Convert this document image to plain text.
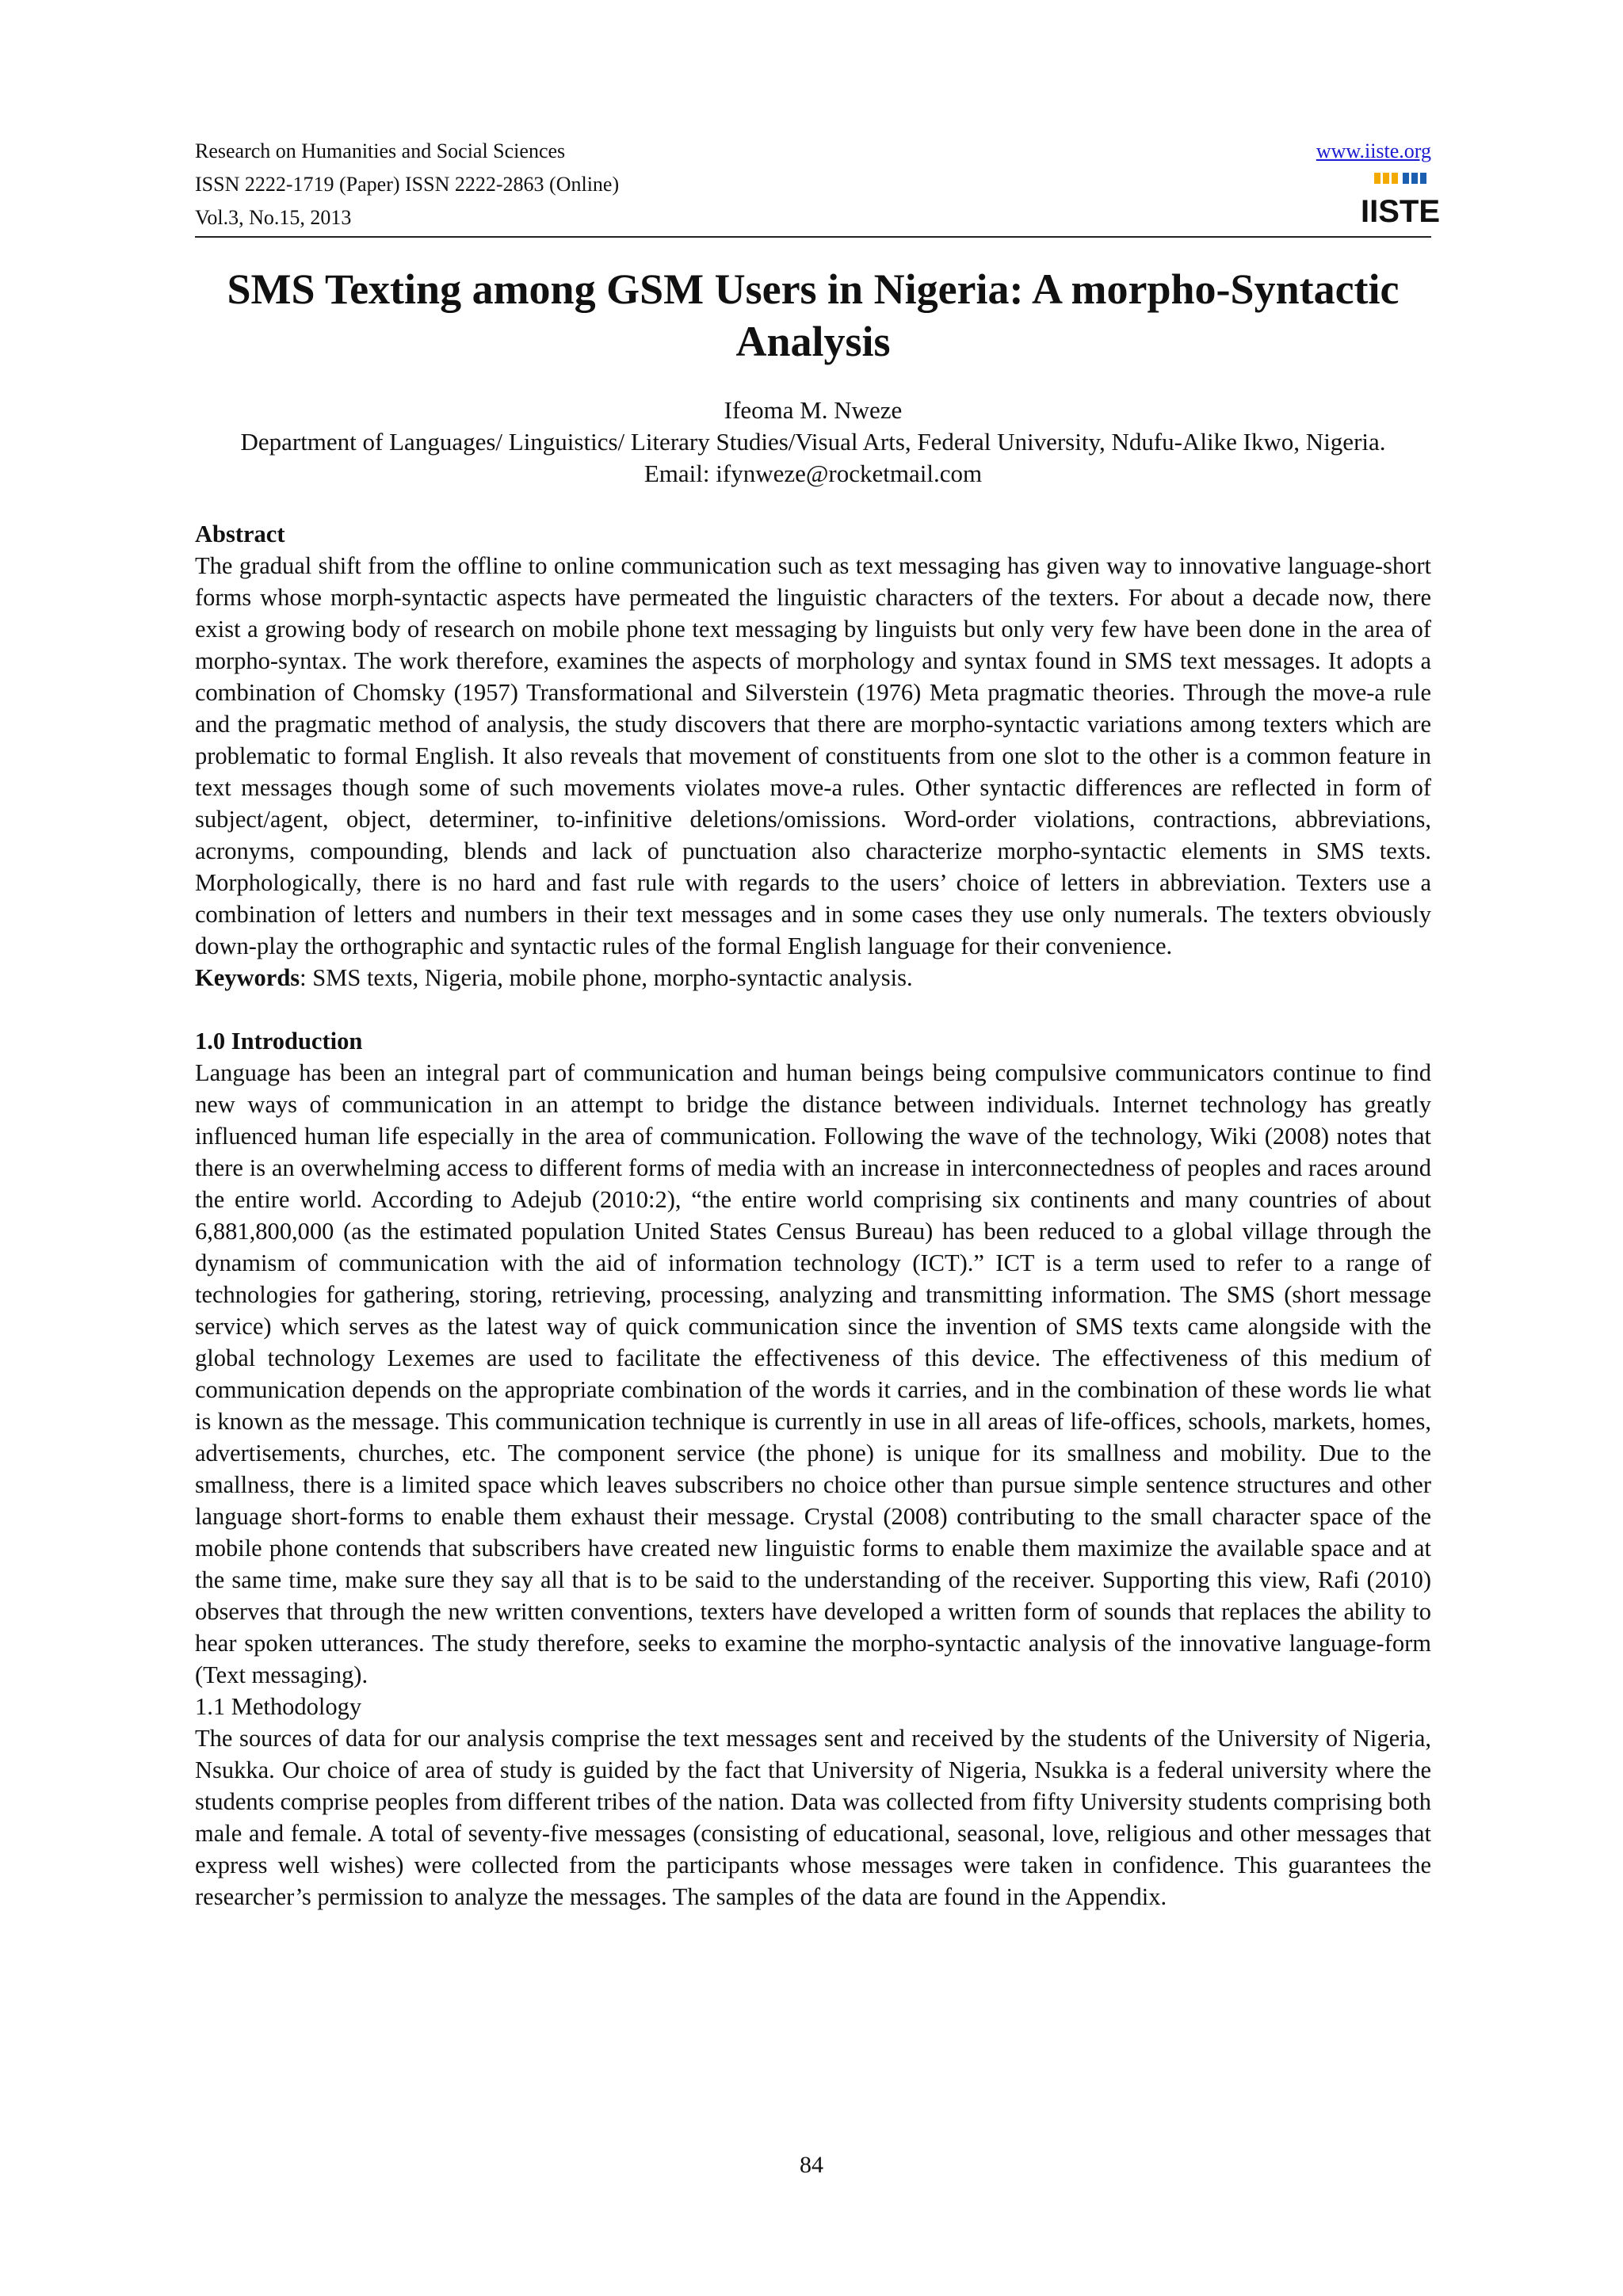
Research on Humanities and Social Sciences
ISSN 2222-1719 (Paper) ISSN 2222-2863 (Online)
Vol.3, No.15, 2013
www.iiste.org
IISTE
SMS Texting among GSM Users in Nigeria: A morpho-Syntactic Analysis
Ifeoma M. Nweze
Department of Languages/ Linguistics/ Literary Studies/Visual Arts, Federal University, Ndufu-Alike Ikwo, Nigeria.
Email: ifynweze@rocketmail.com
Abstract

The gradual shift from the offline to online communication such as text messaging has given way to innovative language-short forms whose morph-syntactic aspects have permeated the linguistic characters of the texters. For about a decade now, there exist a growing body of research on mobile phone text messaging by linguists but only very few have been done in the area of morpho-syntax. The work therefore, examines the aspects of morphology and syntax found in SMS text messages. It adopts a combination of Chomsky (1957) Transformational and Silverstein (1976) Meta pragmatic theories. Through the move-a rule and the pragmatic method of analysis, the study discovers that there are morpho-syntactic variations among texters which are problematic to formal English. It also reveals that movement of constituents from one slot to the other is a common feature in text messages though some of such movements violates move-a rules. Other syntactic differences are reflected in form of subject/agent, object, determiner, to-infinitive deletions/omissions. Word-order violations, contractions, abbreviations, acronyms, compounding, blends and lack of punctuation also characterize morpho-syntactic elements in SMS texts. Morphologically, there is no hard and fast rule with regards to the users’ choice of letters in abbreviation. Texters use a combination of letters and numbers in their text messages and in some cases they use only numerals. The texters obviously down-play the orthographic and syntactic rules of the formal English language for their convenience.

Keywords: SMS texts, Nigeria, mobile phone, morpho-syntactic analysis.

1.0 Introduction

Language has been an integral part of communication and human beings being compulsive communicators continue to find new ways of communication in an attempt to bridge the distance between individuals. Internet technology has greatly influenced human life especially in the area of communication. Following the wave of the technology, Wiki (2008) notes that there is an overwhelming access to different forms of media with an increase in interconnectedness of peoples and races around the entire world. According to Adejub (2010:2), “the entire world comprising six continents and many countries of about 6,881,800,000 (as the estimated population United States Census Bureau) has been reduced to a global village through the dynamism of communication with the aid of information technology (ICT).” ICT is a term used to refer to a range of technologies for gathering, storing, retrieving, processing, analyzing and transmitting information. The SMS (short message service) which serves as the latest way of quick communication since the invention of SMS texts came alongside with the global technology Lexemes are used to facilitate the effectiveness of this device. The effectiveness of this medium of communication depends on the appropriate combination of the words it carries, and in the combination of these words lie what is known as the message. This communication technique is currently in use in all areas of life-offices, schools, markets, homes, advertisements, churches, etc. The component service (the phone) is unique for its smallness and mobility. Due to the smallness, there is a limited space which leaves subscribers no choice other than pursue simple sentence structures and other language short-forms to enable them exhaust their message. Crystal (2008) contributing to the small character space of the mobile phone contends that subscribers have created new linguistic forms to enable them maximize the available space and at the same time, make sure they say all that is to be said to the understanding of the receiver. Supporting this view, Rafi (2010) observes that through the new written conventions, texters have developed a written form of sounds that replaces the ability to hear spoken utterances. The study therefore, seeks to examine the morpho-syntactic analysis of the innovative language-form (Text messaging).

1.1 Methodology

The sources of data for our analysis comprise the text messages sent and received by the students of the University of Nigeria, Nsukka. Our choice of area of study is guided by the fact that University of Nigeria, Nsukka is a federal university where the students comprise peoples from different tribes of the nation. Data was collected from fifty University students comprising both male and female. A total of seventy-five messages (consisting of educational, seasonal, love, religious and other messages that express well wishes) were collected from the participants whose messages were taken in confidence. This guarantees the researcher’s permission to analyze the messages. The samples of the data are found in the Appendix.

84
